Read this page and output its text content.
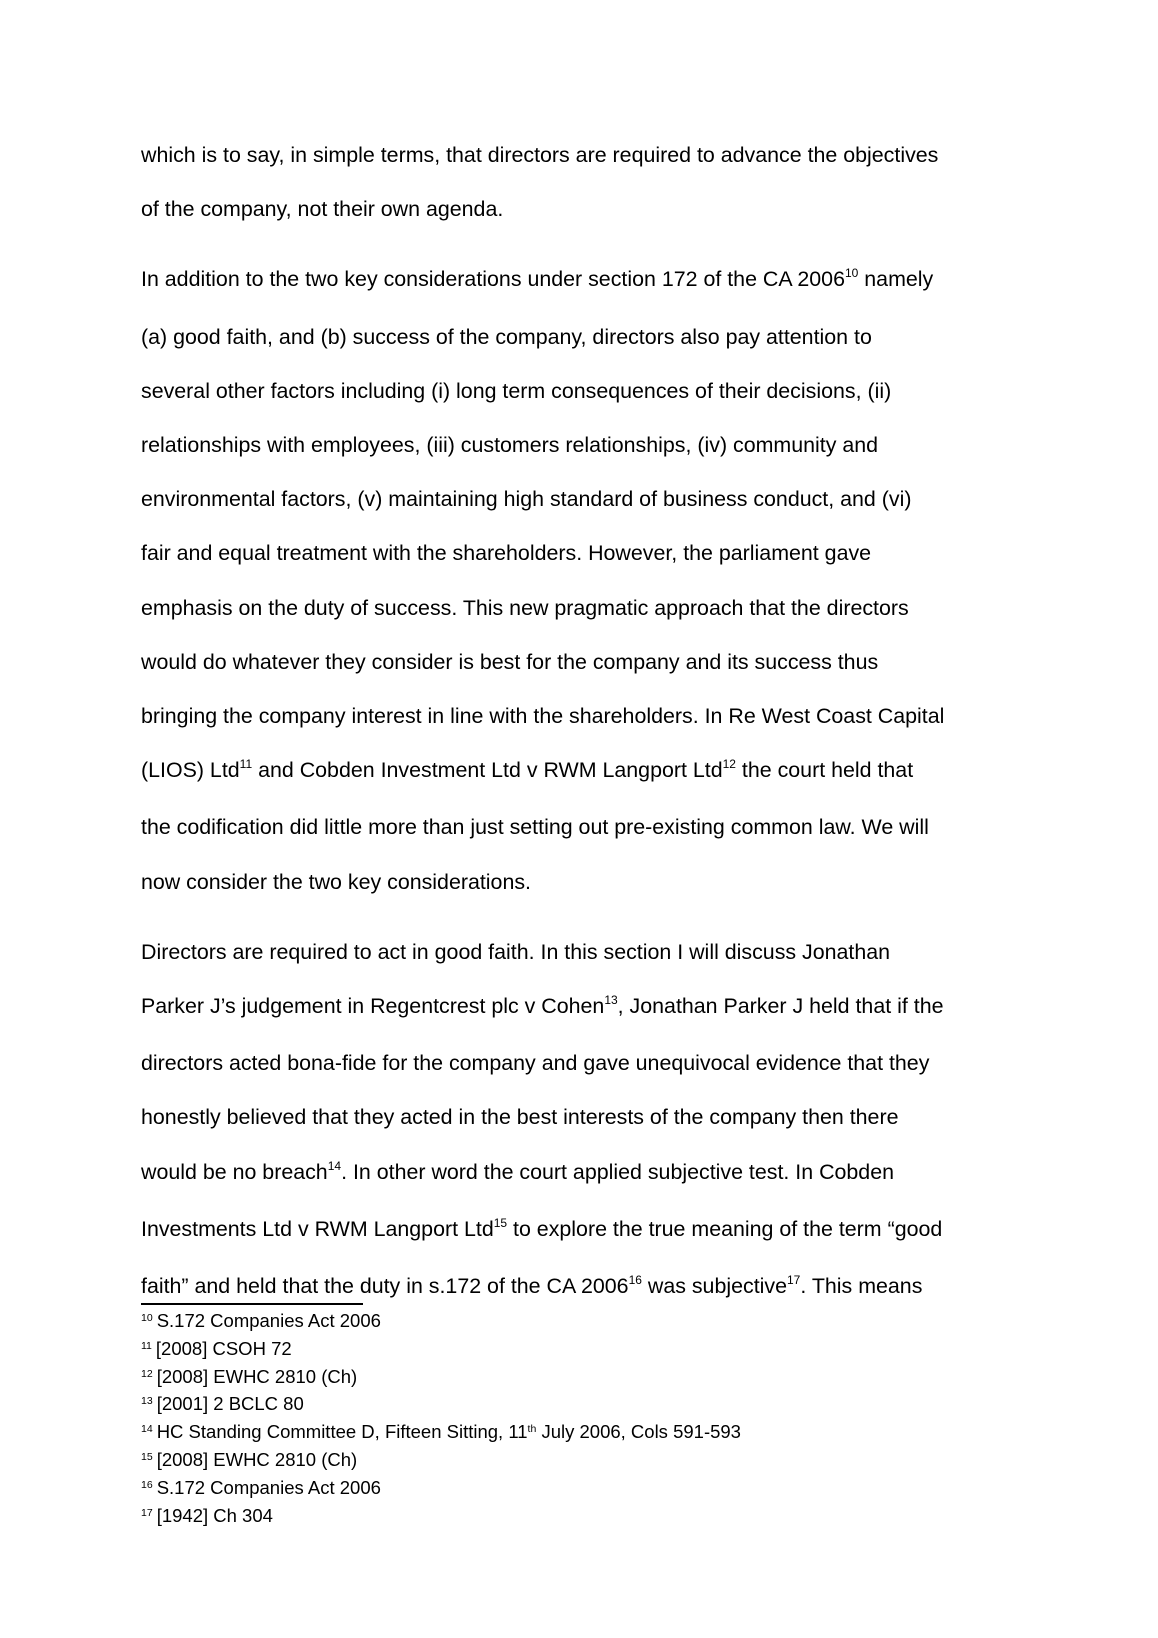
which is to say, in simple terms, that directors are required to advance the objectives
of the company, not their own agenda.

In addition to the two key considerations under section 172 of the CA 2006$^{10}$ namely
(a) good faith, and (b) success of the company, directors also pay attention to
several other factors including (i) long term consequences of their decisions, (ii)
relationships with employees, (iii) customers relationships, (iv) community and
environmental factors, (v) maintaining high standard of business conduct, and (vi)
fair and equal treatment with the shareholders. However, the parliament gave
emphasis on the duty of success. This new pragmatic approach that the directors
would do whatever they consider is best for the company and its success thus
bringing the company interest in line with the shareholders. In Re West Coast Capital
(LIOS) Ltd$^{11}$ and Cobden Investment Ltd v RWM Langport Ltd$^{12}$ the court held that
the codification did little more than just setting out pre-existing common law. We will
now consider the two key considerations.

Directors are required to act in good faith. In this section I will discuss Jonathan
Parker J’s judgement in Regentcrest plc v Cohen$^{13}$, Jonathan Parker J held that if the
directors acted bona-fide for the company and gave unequivocal evidence that they
honestly believed that they acted in the best interests of the company then there
would be no breach$^{14}$. In other word the court applied subjective test. In Cobden
Investments Ltd v RWM Langport Ltd$^{15}$ to explore the true meaning of the term “good
faith” and held that the duty in s.172 of the CA 2006$^{16}$ was subjective$^{17}$. This means

$^{10}$ S.172 Companies Act 2006
$^{11}$ [2008] CSOH 72
$^{12}$ [2008] EWHC 2810 (Ch)
$^{13}$ [2001] 2 BCLC 80
$^{14}$ HC Standing Committee D, Fifteen Sitting, 11th July 2006, Cols 591-593
$^{15}$ [2008] EWHC 2810 (Ch)
$^{16}$ S.172 Companies Act 2006
$^{17}$ [1942] Ch 304
